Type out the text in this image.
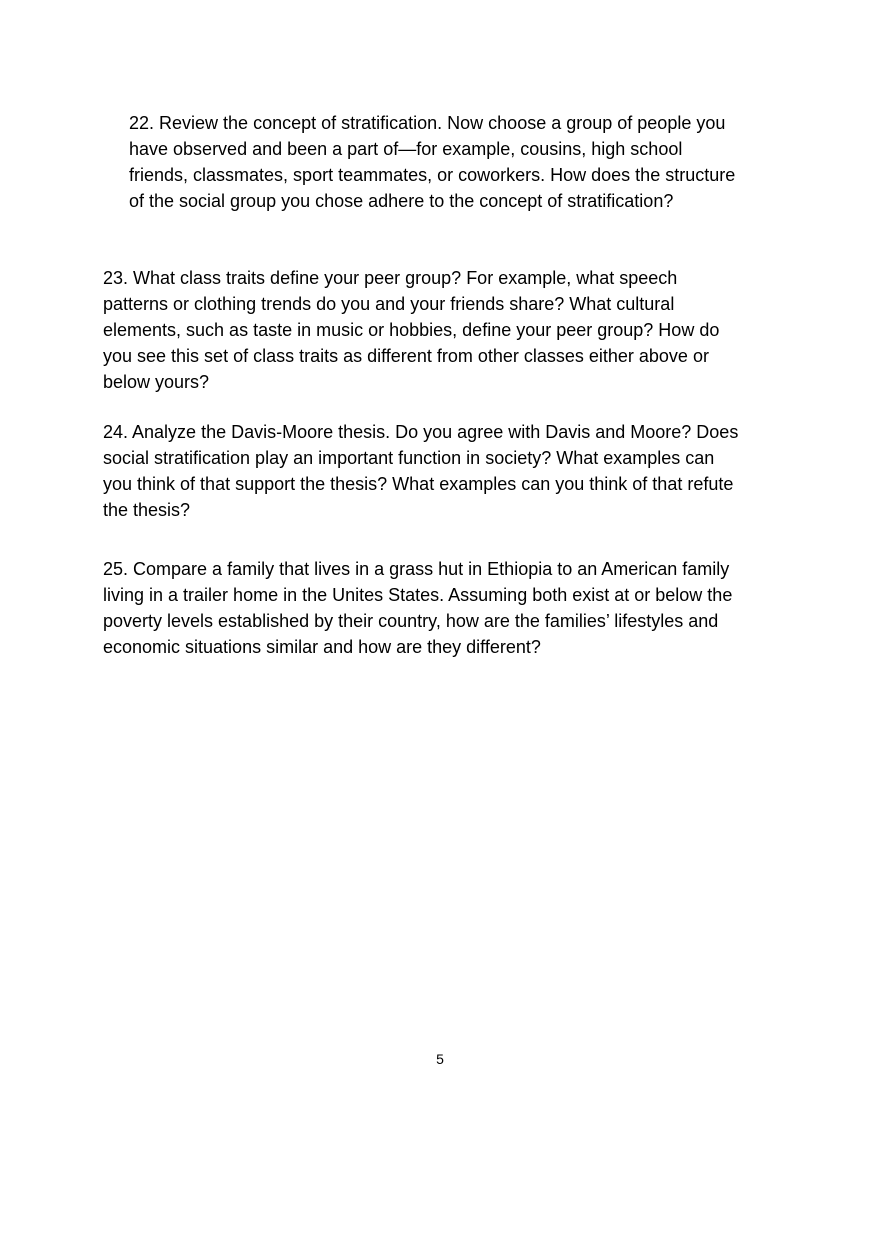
22. Review the concept of stratification. Now choose a group of people you have observed and been a part of—for example, cousins, high school friends, classmates, sport teammates, or coworkers. How does the structure of the social group you chose adhere to the concept of stratification?

23. What class traits define your peer group? For example, what speech patterns or clothing trends do you and your friends share? What cultural elements, such as taste in music or hobbies, define your peer group? How do you see this set of class traits as different from other classes either above or below yours?

24. Analyze the Davis-Moore thesis. Do you agree with Davis and Moore? Does social stratification play an important function in society? What examples can you think of that support the thesis? What examples can you think of that refute the thesis?

25. Compare a family that lives in a grass hut in Ethiopia to an American family living in a trailer home in the Unites States. Assuming both exist at or below the poverty levels established by their country, how are the families’ lifestyles and economic situations similar and how are they different?

5
